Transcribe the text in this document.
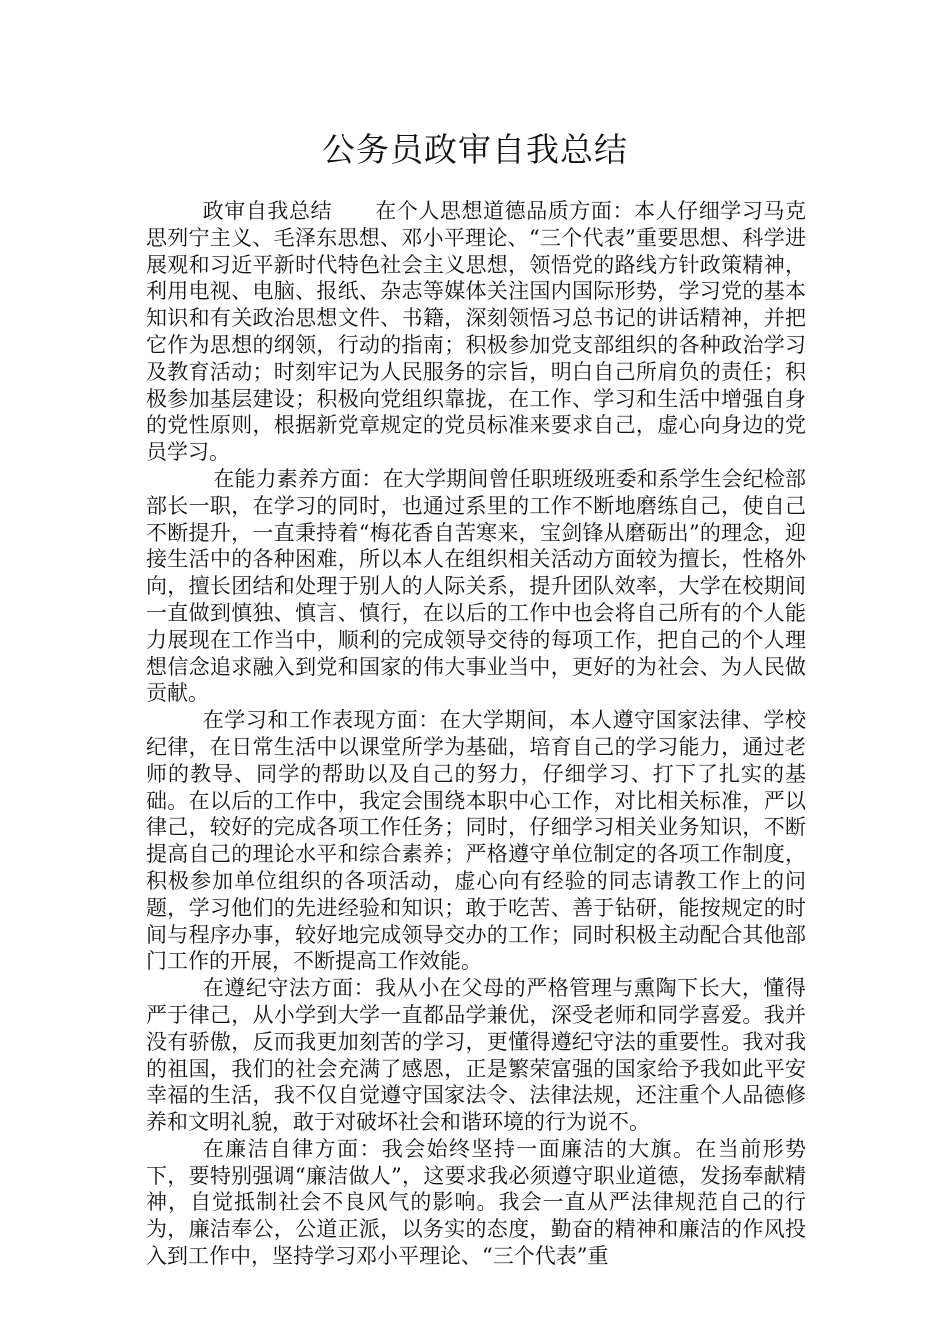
公务员政审自我总结

政审自我总结　　在个人思想道德品质方面：本人仔细学习马克思列宁主义、毛泽东思想、邓小平理论、“三个代表”重要思想、科学进展观和习近平新时代特色社会主义思想，领悟党的路线方针政策精神，利用电视、电脑、报纸、杂志等媒体关注国内国际形势，学习党的基本知识和有关政治思想文件、书籍，深刻领悟习总书记的讲话精神，并把它作为思想的纲领，行动的指南；积极参加党支部组织的各种政治学习及教育活动；时刻牢记为人民服务的宗旨，明白自己所肩负的责任；积极参加基层建设；积极向党组织靠拢，在工作、学习和生活中增强自身的党性原则，根据新党章规定的党员标准来要求自己，虚心向身边的党员学习。

在能力素养方面：在大学期间曾任职班级班委和系学生会纪检部部长一职，在学习的同时，也通过系里的工作不断地磨练自己，使自己不断提升，一直秉持着“梅花香自苦寒来，宝剑锋从磨砺出”的理念，迎接生活中的各种困难，所以本人在组织相关活动方面较为擅长，性格外向，擅长团结和处理于别人的人际关系，提升团队效率，大学在校期间一直做到慎独、慎言、慎行，在以后的工作中也会将自己所有的个人能力展现在工作当中，顺利的完成领导交待的每项工作，把自己的个人理想信念追求融入到党和国家的伟大事业当中，更好的为社会、为人民做贡献。

在学习和工作表现方面：在大学期间，本人遵守国家法律、学校纪律，在日常生活中以课堂所学为基础，培育自己的学习能力，通过老师的教导、同学的帮助以及自己的努力，仔细学习、打下了扎实的基础。在以后的工作中，我定会围绕本职中心工作，对比相关标准，严以律己，较好的完成各项工作任务；同时，仔细学习相关业务知识，不断提高自己的理论水平和综合素养；严格遵守单位制定的各项工作制度，积极参加单位组织的各项活动，虚心向有经验的同志请教工作上的问题，学习他们的先进经验和知识；敢于吃苦、善于钻研，能按规定的时间与程序办事，较好地完成领导交办的工作；同时积极主动配合其他部门工作的开展，不断提高工作效能。

在遵纪守法方面：我从小在父母的严格管理与熏陶下长大，懂得严于律己，从小学到大学一直都品学兼优，深受老师和同学喜爱。我并没有骄傲，反而我更加刻苦的学习，更懂得遵纪守法的重要性。我对我的祖国，我们的社会充满了感恩，正是繁荣富强的国家给予我如此平安幸福的生活，我不仅自觉遵守国家法令、法律法规，还注重个人品德修养和文明礼貌，敢于对破坏社会和谐环境的行为说不。

在廉洁自律方面：我会始终坚持一面廉洁的大旗。在当前形势下，要特别强调“廉洁做人”，这要求我必须遵守职业道德，发扬奉献精神，自觉抵制社会不良风气的影响。我会一直从严法律规范自己的行为，廉洁奉公，公道正派，以务实的态度，勤奋的精神和廉洁的作风投入到工作中，坚持学习邓小平理论、“三个代表”重
